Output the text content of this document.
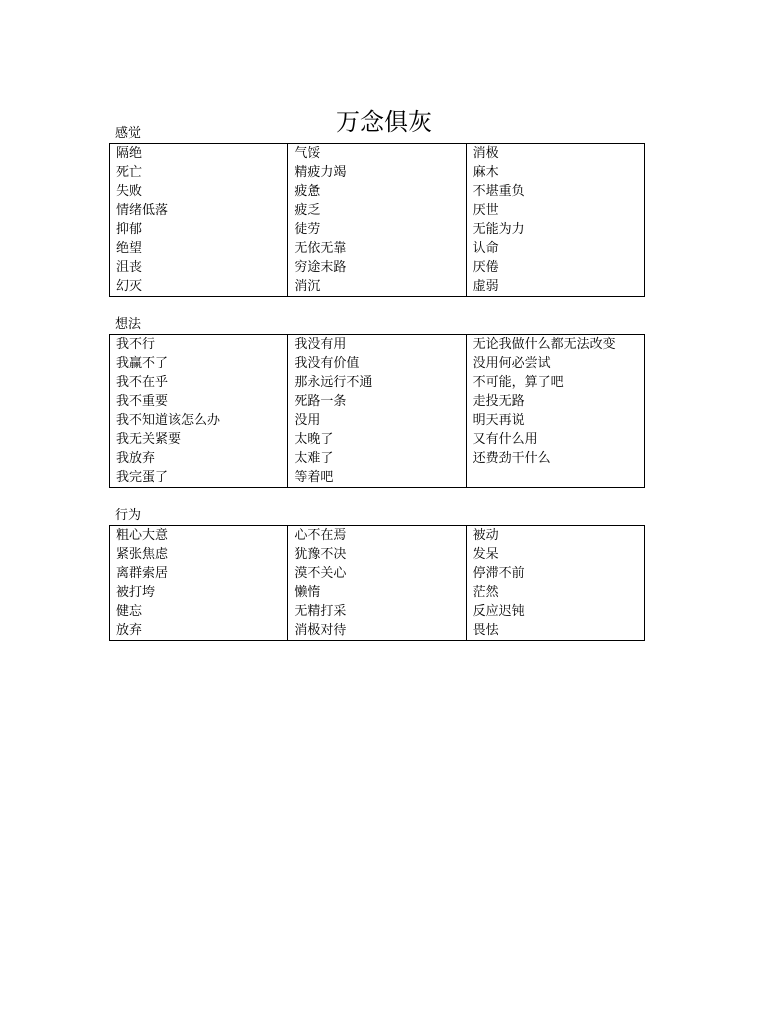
万念俱灰
感觉
隔绝
死亡
失败
情绪低落
抑郁
绝望
沮丧
幻灭
气馁
精疲力竭
疲惫
疲乏
徒劳
无依无靠
穷途末路
消沉
消极
麻木
不堪重负
厌世
无能为力
认命
厌倦
虚弱
想法
我不行
我赢不了
我不在乎
我不重要
我不知道该怎么办
我无关紧要
我放弃
我完蛋了
我没有用
我没有价值
那永远行不通
死路一条
没用
太晚了
太难了
等着吧
无论我做什么都无法改变
没用何必尝试
不可能，算了吧
走投无路
明天再说
又有什么用
还费劲干什么
行为
粗心大意
紧张焦虑
离群索居
被打垮
健忘
放弃
心不在焉
犹豫不决
漠不关心
懒惰
无精打采
消极对待
被动
发呆
停滞不前
茫然
反应迟钝
畏怯
